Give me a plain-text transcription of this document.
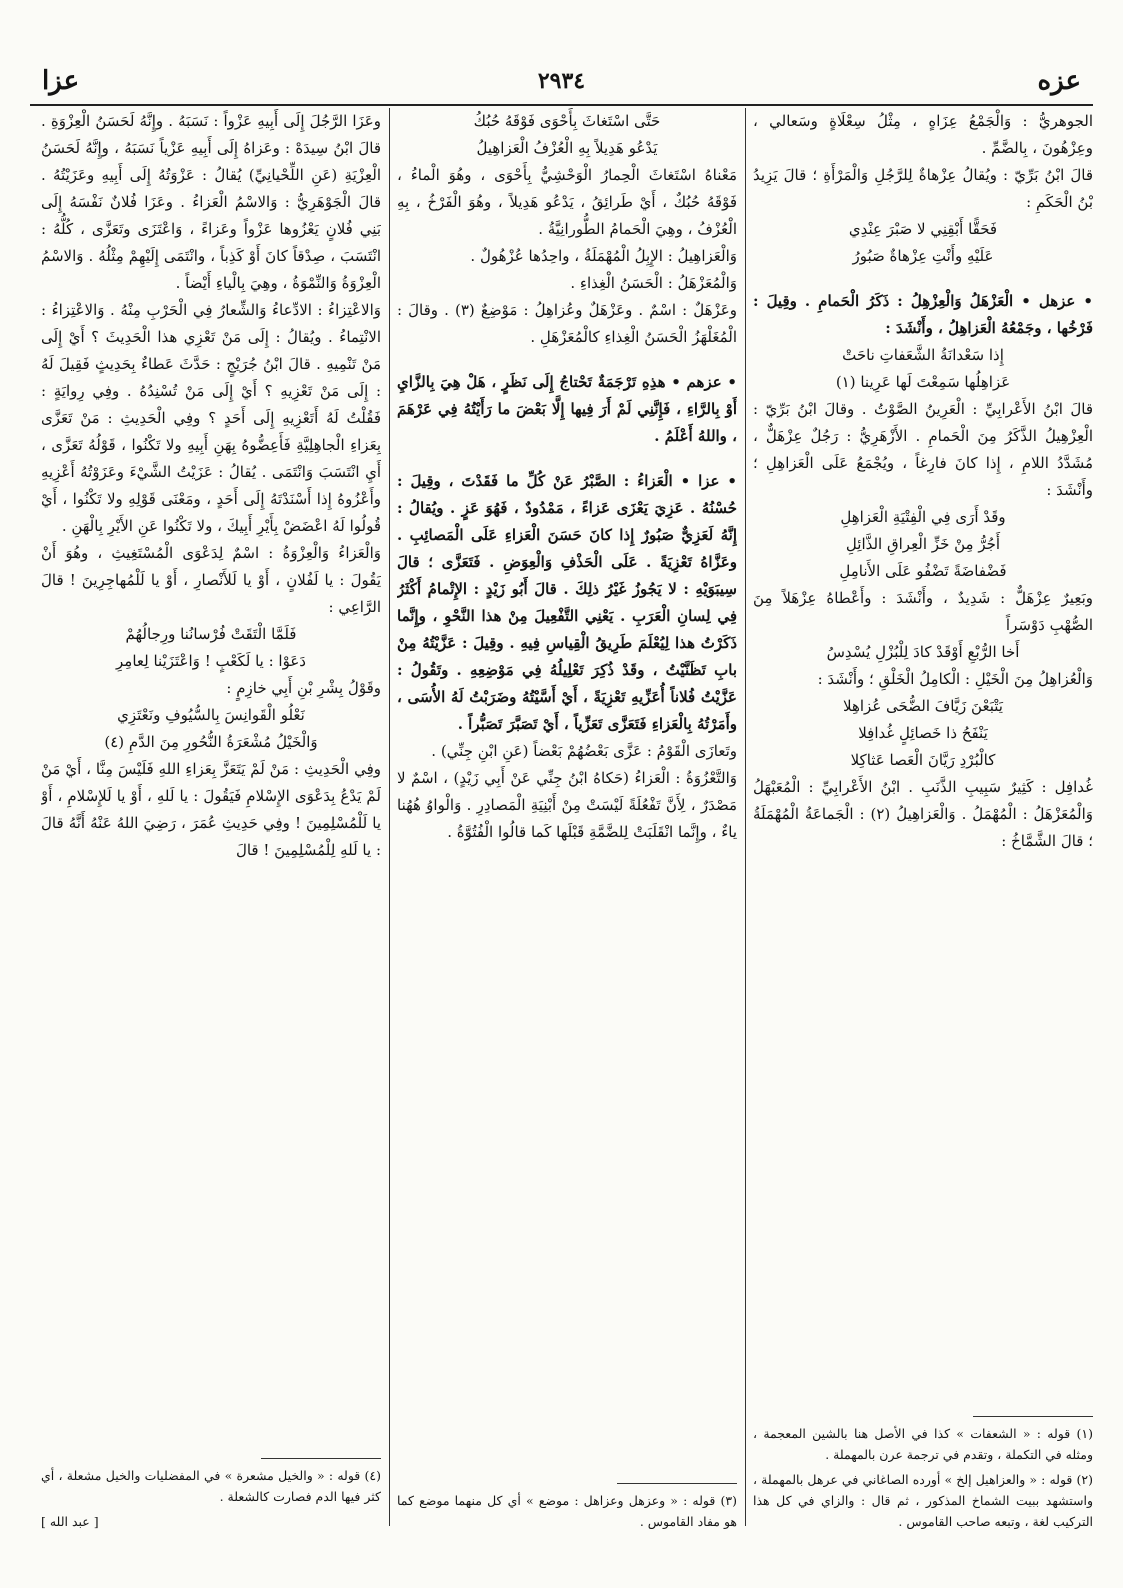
عزه
٢٩٣٤
عزا

الجوهريُّ : وَالْجَمْعُ عِزَاهٍ ، مِثْلُ سِعْلَاةٍ وسَعالي ، وعِزْهُونَ ، بِالضَّمِّ .

قالَ ابْنُ بَرِّيّ : ويُقالُ عِزْهاةٌ لِلرَّجُلِ وَالْمَرْأَةِ ؛ قالَ يَزِيدُ بْنُ الْحَكَمِ :

فَحَقًّا أَبْقِنِي لا صَبْرَ عِنْدِي

عَلَيْهِ وأَنْتِ عِزْهاةٌ صَبُورُ

• عزهل • الْعَزْهَلُ وَالْعِزْهِلُ : ذَكَرُ الْحَمامِ . وقِيلَ : فَرْخُها ، وجَمْعُهُ الْعَزاهِلُ ، وأَنْشَدَ :

إِذا سَعْدانَةُ الشَّعَفاتِ ناحَتْ

عَزاهِلُها سَمِعْتَ لَها عَرِينا (١)

قالَ ابْنُ الأَعْرابِيِّ : الْعَرِينُ الصَّوْتُ . وقالَ ابْنُ بَرِّيّ : الْعِزْهِيلُ الذَّكَرُ مِنَ الْحَمامِ . الأَزْهَرِيُّ : رَجُلٌ عِزْهَلٌّ ، مُشَدَّدُ اللامِ ، إِذا كانَ فارِغاً ، ويُجْمَعُ عَلَى الْعَزاهِلِ ؛ وأَنْشَدَ :

وقَدْ أَرَى فِي الْفِتْيَةِ الْعَزاهِلِ

أَجُرُّ مِنْ خَزِّ الْعِراقِ الذَّائِلِ

فَضْفاضَةً تَضْفُو عَلَى الأَنامِلِ

وبَعِيرٌ عِزْهَلٌّ : شَدِيدٌ ، وأَنْشَدَ : وأَعْطاهُ عِزْهَلاً مِنَ الصُّهْبِ دَوْسَراً

أَخا الرُّبْعِ أَوْقَدْ كادَ لِلْبُزْلِ يُسْدِسُ

وَالْعُزاهِلُ مِنَ الْخَيْلِ : الْكامِلُ الْخَلْقِ ؛ وأَنْشَدَ :

يَتْبَعْنَ زَيَّافَ الضُّحَى عُزاهِلا

يَنْفَحُ ذا خَصائِلٍ غُدافِلا

كالْبُرْدِ رَيَّانَ الْعَصا عَثاكِلا

غُدافِل : كَثِيرٌ سَبِيبِ الذَّنَبِ . ابْنُ الأَعْرابِيِّ : الْمُعَبْهَلُ وَالْمُعَزْهَلُ : الْمُهْمَلُ . وَالْعَزاهِيلُ (٢) : الْجَماعَةُ الْمُهْمَلَةُ ؛ قالَ الشَّمَّاخُ :

(١) قوله : « الشعفات » كذا في الأصل هنا بالشين المعجمة ، ومثله في التكملة ، وتقدم في ترجمة عرن بالمهملة .

(٢) قوله : « والعزاهيل إلخ » أورده الصاغاني في عرهل بالمهملة ، واستشهد ببيت الشماخ المذكور ، ثم قال : والزاي في كل هذا التركيب لغة ، وتبعه صاحب القاموس .

حَتَّى اسْتَغاثَ بِأَحْوَى فَوْقَهُ حُبُكُ

يَدْعُو هَدِيلاً بِهِ الْعُزْفُ الْعَزاهِيلُ

مَعْناهُ اسْتَغاثَ الْحِمارُ الْوَحْشِيُّ بِأَحْوَى ، وهُوَ الْماءُ ، فَوْقَهُ حُبُكٌ ، أَيْ طَرائِقُ ، يَدْعُو هَدِيلاً ، وهُوَ الْفَرْخُ ، بِهِ الْعُزْفُ ، وهِيَ الْحَمامُ الطُّورانِيَّةُ .

وَالْعَزاهِيلُ : الإِبِلُ الْمُهْمَلَةُ ، واحِدُها عُزْهُولٌ .

وَالْمُعَزْهَلُ : الْحَسَنُ الْغِذاءِ .

وعَزْهَلٌ : اسْمٌ . وعَزْهَلٌ وعُزاهِلُ : مَوْضِعٌ (٣) . وقالَ : الْمُغَلْهَزُ الْحَسَنُ الْغِذاءِ كالْمُعَزْهَلِ .

• عزهم • هذِهِ تَرْجَمَةٌ تَحْتاجُ إِلَى نَظَرٍ ، هَلْ هِيَ بِالزَّايِ أَوْ بِالرَّاءِ ، فَإِنَّنِي لَمْ أَرَ فِيها إِلَّا بَعْضَ ما رَأَيْتُهُ فِي عَرْهَمَ ، واللهُ أَعْلَمُ .

• عزا • الْعَزاءُ : الصَّبْرُ عَنْ كُلِّ ما فَقَدْتَ ، وقِيلَ : حُسْنُهُ . عَزِيَ يَعْزَى عَزاءً ، مَمْدُودٌ ، فَهُوَ عَزٍ . ويُقالُ : إِنَّهُ لَعَزِيٌّ صَبُورٌ إِذا كانَ حَسَنَ الْعَزاءِ عَلَى الْمَصائِبِ . وعَزَّاهُ تَعْزِيَةً . عَلَى الْحَذْفِ وَالْعِوَضِ . فَتَعَزَّى ؛ قالَ سِيبَوَيْهِ : لا يَجُوزُ غَيْرُ ذلِكَ . قالَ أَبُو زَيْدٍ : الإِتْمامُ أَكْثَرُ فِي لِسانِ الْعَرَبِ . يَعْنِي التَّفْعِيلَ مِنْ هذا النَّحْوِ ، وإِنَّما ذَكَرْتُ هذا لِيُعْلَمَ طَرِيقُ الْقِياسِ فِيهِ . وقِيلَ : عَزَّيْتُهُ مِنْ بابِ تَظَنَّيْتُ ، وقَدْ ذُكِرَ تَعْلِيلُهُ فِي مَوْضِعِهِ . وتَقُولُ : عَزَّيْتُ فُلاناً أُعَزِّيهِ تَعْزِيَةً ، أَيْ أَسَّيْتُهُ وضَرَبْتُ لَهُ الأُسَى ، وأَمَرْتُهُ بِالْعَزاءِ فَتَعَزَّى تَعَزِّياً ، أَيْ تَصَبَّرَ تَصَبُّراً .

وتَعازَى الْقَوْمُ : عَزَّى بَعْضُهُمْ بَعْضاً (عَنِ ابْنِ جِنِّي) .

وَالتَّعْزُوَةُ : الْعَزاءُ (حَكاهُ ابْنُ جِنِّي عَنْ أَبِي زَيْدٍ) ، اسْمٌ لا مَصْدَرٌ ، لِأَنَّ تَفْعُلَةً لَيْسَتْ مِنْ أَبْنِيَةِ الْمَصادِرِ . وَالْواوُ هُهُنا ياءٌ ، وإِنَّما انْقَلَبَتْ لِلضَّمَّةِ قَبْلَها كَما قالُوا الْفُتُوَّةُ .

(٣) قوله : « وعزهل وعزاهل : موضع » أي كل منهما موضع كما هو مفاد القاموس .

وعَزَا الرَّجُلَ إِلَى أَبِيهِ عَزْواً : نَسَبَهُ . وإِنَّهُ لَحَسَنُ الْعِزْوَةِ . قالَ ابْنُ سِيدَهْ : وعَزاهُ إِلَى أَبِيهِ عَزْياً نَسَبَهُ ، وإِنَّهُ لَحَسَنُ الْعِزْيَةِ (عَنِ اللِّحْيانِيِّ) يُقالُ : عَزْوَتُهُ إِلَى أَبِيهِ وعَزَيْتُهُ . قالَ الْجَوْهَرِيُّ : وَالاسْمُ الْعَزاءُ . وعَزَا فُلانٌ نَفْسَهُ إِلَى بَنِي فُلانٍ يَعْزُوها عَزْواً وعَزاءً ، وَاعْتَزَى وتَعَزَّى ، كُلُّهُ : انْتَسَبَ ، صِدْقاً كانَ أَوْ كَذِباً ، وانْتَمَى إِلَيْهِمْ مِثْلُهُ . وَالاسْمُ الْعِزْوَةُ وَالنِّمْوَةُ ، وهِيَ بِالْياءِ أَيْضاً .

وَالاعْتِزاءُ : الادِّعاءُ وَالشِّعارُ فِي الْحَرْبِ مِنْهُ . وَالاعْتِزاءُ : الانْتِماءُ . ويُقالُ : إِلَى مَنْ تَعْزِي هذا الْحَدِيثَ ؟ أَيْ إِلَى مَنْ تَنْمِيهِ . قالَ ابْنُ جُرَيْجٍ : حَدَّثَ عَطاءٌ بِحَدِيثٍ فَقِيلَ لَهُ : إِلَى مَنْ تَعْزِيهِ ؟ أَيْ إِلَى مَنْ تُسْنِدُهُ . وفِي رِوايَةٍ : فَقُلْتُ لَهُ أَتَعْزِيهِ إِلَى أَحَدٍ ؟ وفِي الْحَدِيثِ : مَنْ تَعَزَّى بِعَزاءِ الْجاهِلِيَّةِ فَأَعِضُّوهُ بِهَنِ أَبِيهِ ولا تَكْنُوا ، قَوْلُهُ تَعَزَّى ، أَيِ انْتَسَبَ وَانْتَمَى . يُقالُ : عَزَيْتُ الشَّيْءَ وعَزَوْتُهُ أَعْزِيهِ وأَعْزُوهُ إِذا أَسْنَدْتَهُ إِلَى أَحَدٍ ، ومَعْنَى قَوْلِهِ ولا تَكْنُوا ، أَيْ قُولُوا لَهُ اعْضَضْ بِأَيْرِ أَبِيكَ ، ولا تَكْنُوا عَنِ الأَيْرِ بِالْهَنِ .

وَالْعَزاءُ وَالْعِزْوَةُ : اسْمٌ لِدَعْوَى الْمُسْتَغِيثِ ، وهُوَ أَنْ يَقُولَ : يا لَفُلانٍ ، أَوْ يا لَلأَنْصارِ ، أَوْ يا لَلْمُهاجِرِينَ ! قالَ الرَّاعِي :

فَلَمَّا الْتَقَتْ فُرْسانُنا ورِجالُهُمْ

دَعَوْا : يا لَكَعْبٍ ! وَاعْتَزَيْنا لِعامِرِ

وقَوْلُ بِشْرِ بْنِ أَبِي خازِمٍ :

نَعْلُو الْقَوانِسَ بِالسُّيُوفِ ونَعْتَزِي

وَالْخَيْلُ مُشْعَرَةُ النُّحُورِ مِنَ الدَّمِ (٤)

وفِي الْحَدِيثِ : مَنْ لَمْ يَتَعَزَّ بِعَزاءِ اللهِ فَلَيْسَ مِنَّا ، أَيْ مَنْ لَمْ يَدْعُ بِدَعْوَى الإِسْلامِ فَيَقُولَ : يا لَلهِ ، أَوْ يا لَلإِسْلامِ ، أَوْ يا لَلْمُسْلِمِينَ ! وفِي حَدِيثِ عُمَرَ ، رَضِيَ اللهُ عَنْهُ أَنَّهُ قالَ : يا لَلهِ لِلْمُسْلِمِينَ ! قالَ

(٤) قوله : « والخيل مشعرة » في المفضليات والخيل مشعلة ، أي كثر فيها الدم فصارت كالشعلة .

[ عبد الله ]
